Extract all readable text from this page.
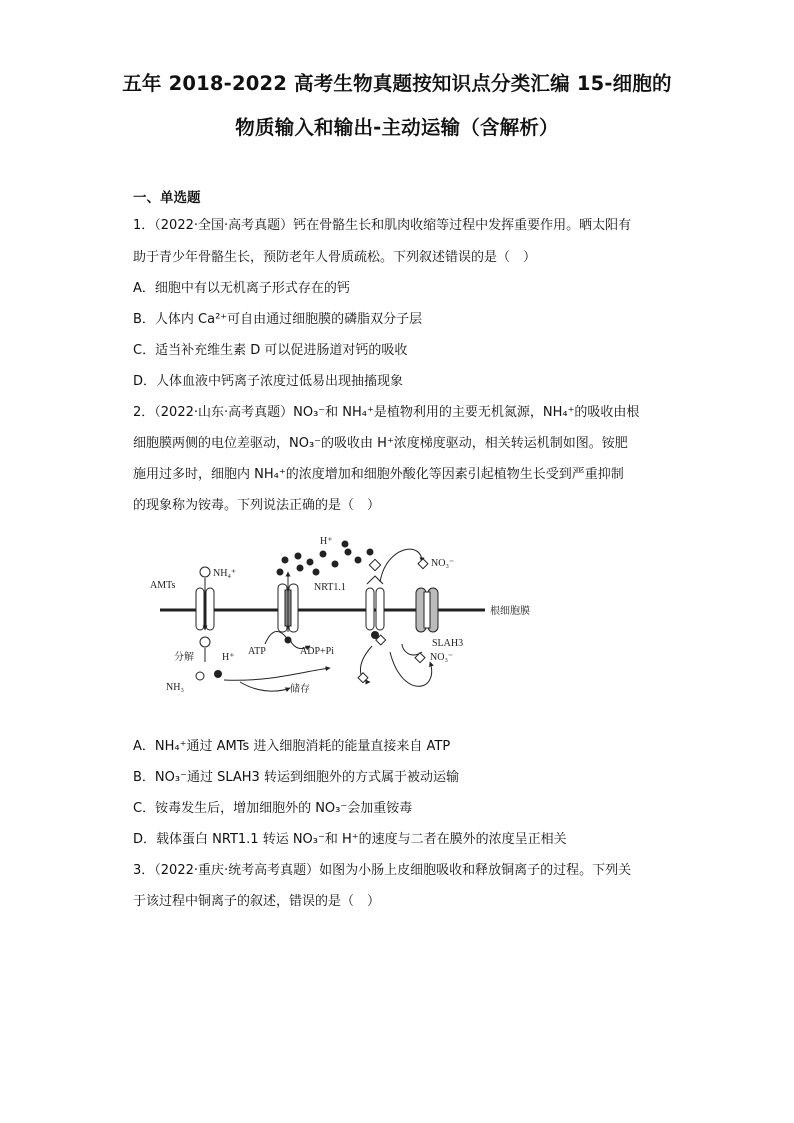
五年 2018-2022 高考生物真题按知识点分类汇编 15-细胞的
物质输入和输出-主动运输（含解析）
一、单选题
1．（2022·全国·高考真题）钙在骨骼生长和肌肉收缩等过程中发挥重要作用。晒太阳有
助于青少年骨骼生长，预防老年人骨质疏松。下列叙述错误的是（　）
A．细胞中有以无机离子形式存在的钙
B．人体内 Ca²⁺可自由通过细胞膜的磷脂双分子层
C．适当补充维生素 D 可以促进肠道对钙的吸收
D．人体血液中钙离子浓度过低易出现抽搐现象
2．（2022·山东·高考真题）NO₃⁻和 NH₄⁺是植物利用的主要无机氮源，NH₄⁺的吸收由根
细胞膜两侧的电位差驱动，NO₃⁻的吸收由 H⁺浓度梯度驱动，相关转运机制如图。铵肥
施用过多时，细胞内 NH₄⁺的浓度增加和细胞外酸化等因素引起植物生长受到严重抑制
的现象称为铵毒。下列说法正确的是（　）
根细胞膜
AMTs
NH₄⁺
分解	H⁺
NH₃	储存
ATP	ADP+Pi
H⁺
NRT1.1
NO₃⁻
SLAH3
NO₃⁻
A．NH₄⁺通过 AMTs 进入细胞消耗的能量直接来自 ATP
B．NO₃⁻通过 SLAH3 转运到细胞外的方式属于被动运输
C．铵毒发生后，增加细胞外的 NO₃⁻会加重铵毒
D．载体蛋白 NRT1.1 转运 NO₃⁻和 H⁺的速度与二者在膜外的浓度呈正相关
3．（2022·重庆·统考高考真题）如图为小肠上皮细胞吸收和释放铜离子的过程。下列关
于该过程中铜离子的叙述，错误的是（　）
